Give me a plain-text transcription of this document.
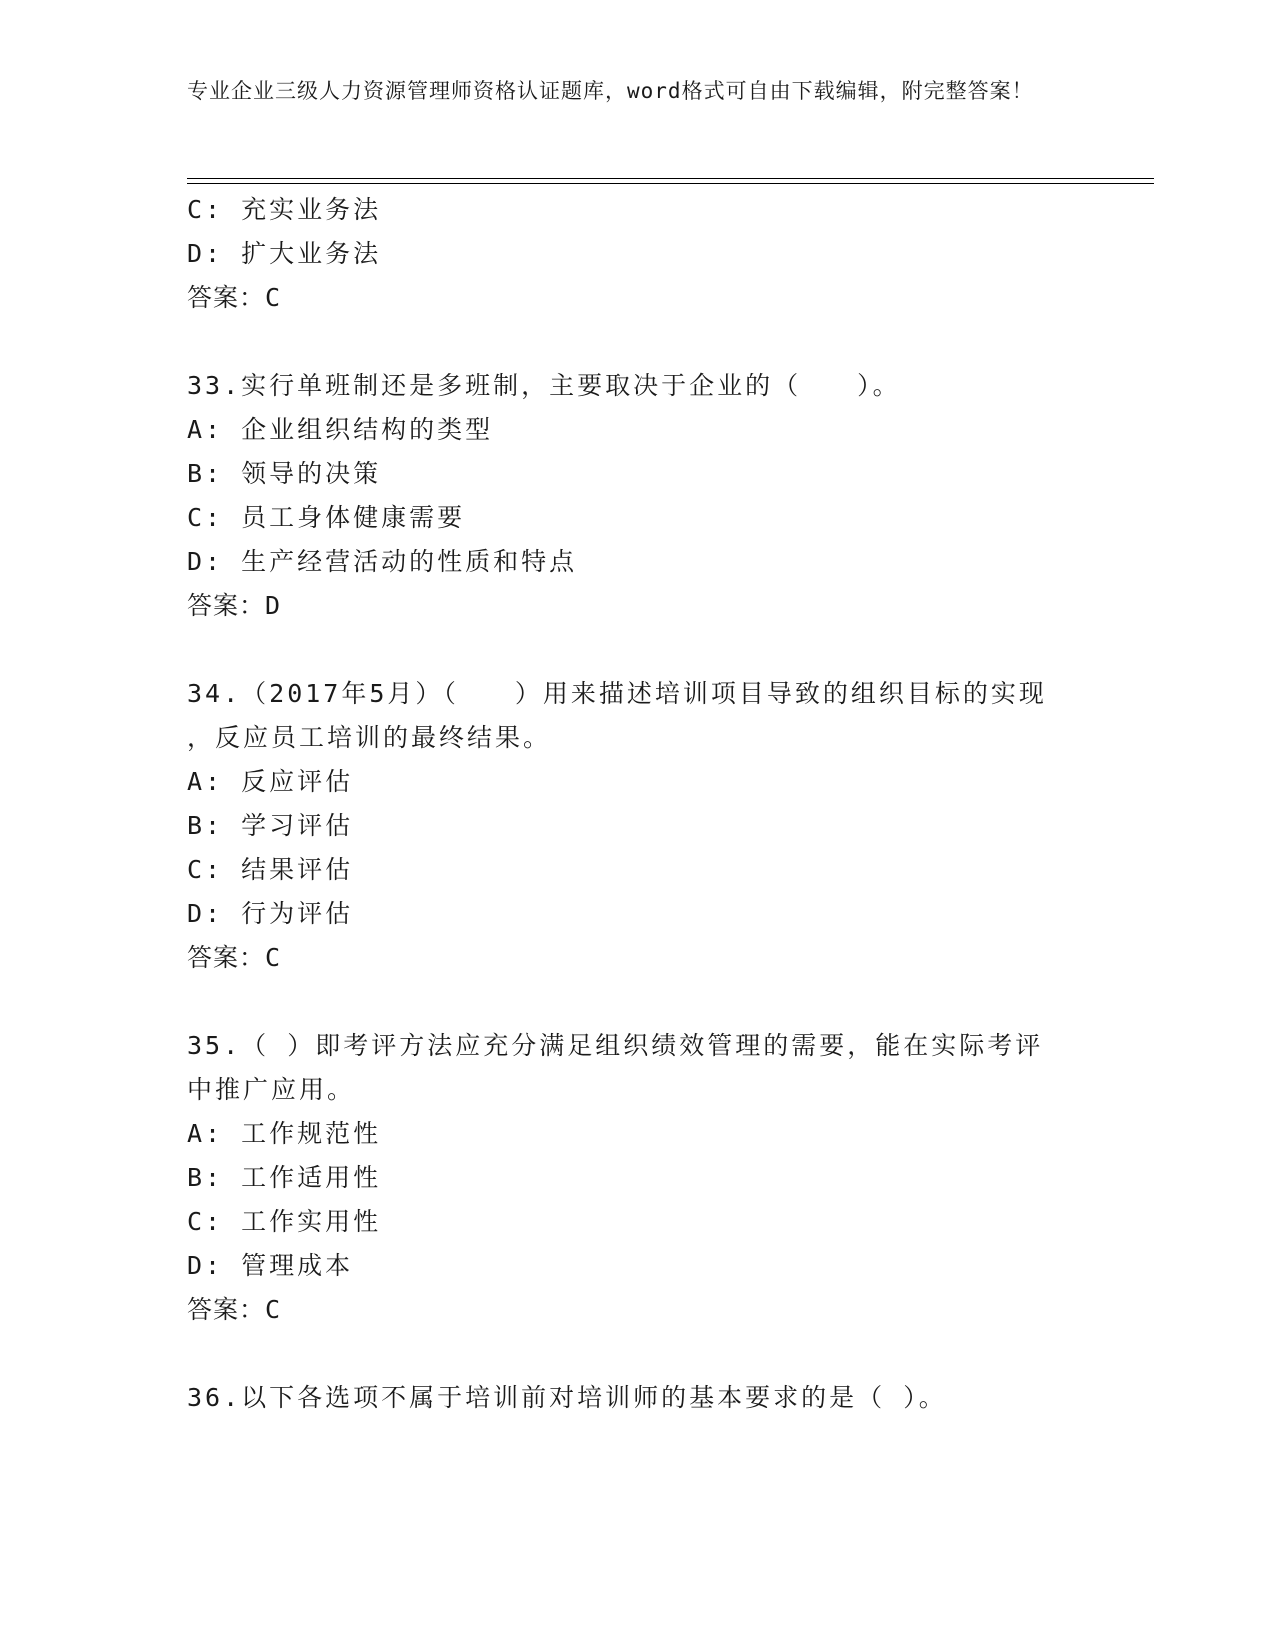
专业企业三级人力资源管理师资格认证题库，word格式可自由下载编辑，附完整答案！
C: 充实业务法
D: 扩大业务法
答案：C
33.实行单班制还是多班制，主要取决于企业的（　　）。
A: 企业组织结构的类型
B: 领导的决策
C: 员工身体健康需要
D: 生产经营活动的性质和特点
答案：D
34.（2017年5月）（　　）用来描述培训项目导致的组织目标的实现
，反应员工培训的最终结果。
A: 反应评估
B: 学习评估
C: 结果评估
D: 行为评估
答案：C
35.（ ）即考评方法应充分满足组织绩效管理的需要，能在实际考评
中推广应用。
A: 工作规范性
B: 工作适用性
C: 工作实用性
D: 管理成本
答案：C
36.以下各选项不属于培训前对培训师的基本要求的是（ ）。
